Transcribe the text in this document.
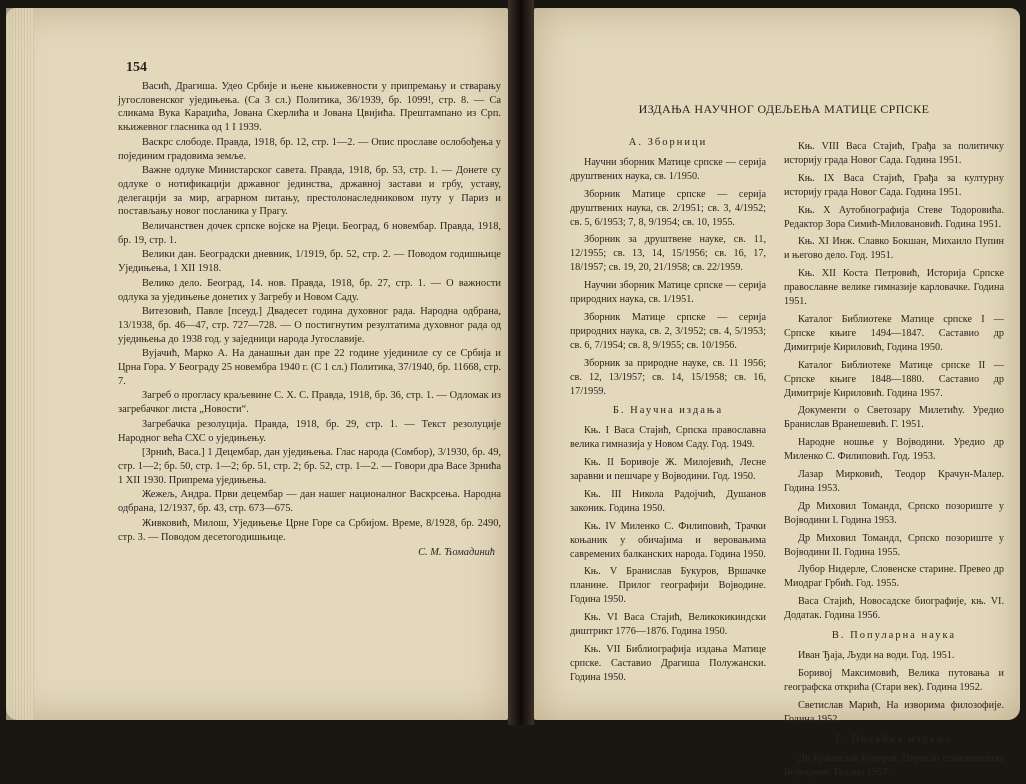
154

Васић, Драгиша. Удео Србије и њене књижевности у припремању и стварању југословенског уједињења. (Са 3 сл.) Политика, 36/1939, бр. 1099!, стр. 8. — Са сликама Вука Караџића, Јована Скерлића и Јована Цвијића. Прештампано из Срп. књижевног гласника од 1 I 1939.

Васкрс слободе. Правда, 1918, бр. 12, стр. 1—2. — Опис прославе ослобођења у појединим градовима земље.

Важне одлуке Министарског савета. Правда, 1918, бр. 53, стр. 1. — Донете су одлуке о нотификацији државног јединства, државној застави и грбу, уставу, делегацији за мир, аграрном питању, престолонаследниковом путу у Париз и постављању новог посланика у Прагу.

Величанствен дочек српске војске на Рјеци. Београд, 6 новембар. Правда, 1918, бр. 19, стр. 1.

Велики дан. Београдски дневник, 1/1919, бр. 52, стр. 2. — Поводом годишњице Уједињења, 1 XII 1918.

Велико дело. Београд, 14. нов. Правда, 1918, бр. 27, стр. 1. — О важности одлука за уједињење донетих у Загребу и Новом Саду.

Витезовић, Павле [псеуд.] Двадесет година духовног рада. Народна одбрана, 13/1938, бр. 46—47, стр. 727—728. — О постигнутим резултатима духовног рада од уједињења до 1938 год. у заједници народа Југославије.

Вујачић, Марко А. На данашњи дан пре 22 године ујединиле су се Србија и Црна Гора. У Београду 25 новембра 1940 г. (С 1 сл.) Политика, 37/1940, бр. 11668, стр. 7.

Загреб о прогласу краљевине С. Х. С. Правда, 1918, бр. 36, стр. 1. — Одломак из загребачког листа „Новости“.

Загребачка резолуција. Правда, 1918, бр. 29, стр. 1. — Текст резолуције Народног већа СХС о уједињењу.

[Зрнић, Васа.] 1 Децембар, дан уједињења. Глас народа (Сомбор), 3/1930, бр. 49, стр. 1—2; бр. 50, стр. 1—2; бр. 51, стр. 2; бр. 52, стр. 1—2. — Говори дра Васе Зрнића 1 XII 1930. Припрема уједињења.

Жежељ, Андра. Први децембар — дан нашег националног Васкрсења. Народна одбрана, 12/1937, бр. 43, стр. 673—675.

Живковић, Милош, Уједињење Црне Горе са Србијом. Време, 8/1928, бр. 2490, стр. 3. — Поводом десетогодишњице.

С. М. Ћомадинић
ИЗДАЊА НАУЧНОГ ОДЕЉЕЊА МАТИЦЕ СРПСКЕ
А. Зборници

Научни зборник Матице српске — серија друштвених наука, св. 1/1950.

Зборник Матице српске — серија друштвених наука, св. 2/1951; св. 3, 4/1952; св. 5, 6/1953; 7, 8, 9/1954; св. 10, 1955.

Зборник за друштвене науке, св. 11, 12/1955; св. 13, 14, 15/1956; св. 16, 17, 18/1957; св. 19, 20, 21/1958; св. 22/1959.

Научни зборник Матице српске — серија природних наука, св. 1/1951.

Зборник Матице српске — серија природних наука, св. 2, 3/1952; св. 4, 5/1953; св. 6, 7/1954; св. 8, 9/1955; св. 10/1956.

Зборник за природне науке, св. 11 1956; св. 12, 13/1957; св. 14, 15/1958; св. 16, 17/1959.

Б. Научна издања

Књ. I Васа Стајић, Српска православна велика гимназија у Новом Саду. Год. 1949.

Књ. II Боривоје Ж. Милојевић, Лесне заравни и пешчаре у Војводини. Год. 1950.

Књ. III Никола Радојчић, Душанов законик. Година 1950.

Књ. IV Миленко С. Филиповић, Трачки коњаник у обичајима и веровањима савремених балканских народа. Година 1950.

Књ. V Бранислав Букуров, Вршачке планине. Прилог географији Војводине. Година 1950.

Књ. VI Васа Стајић, Великокикиндски диштрикт 1776—1876. Година 1950.

Књ. VII Библиографија издања Матице српске. Саставио Драгиша Полужански. Година 1950.

Књ. VIII Васа Стајић, Грађа за политичку историју града Новог Сада. Година 1951.

Књ. IX Васа Стајић, Грађа за културну историју града Новог Сада. Година 1951.

Књ. X Аутобиографија Стеве Тодоровића. Редактор Зора Симић-Миловановић. Година 1951.

Књ. XI Инж. Славко Бокшан, Михаило Пупин и његово дело. Год. 1951.

Књ. XII Коста Петровић, Историја Српске православне велике гимназије карловачке. Година 1951.

Каталог Библиотеке Матице српске I — Српске књиге 1494—1847. Саставио др Димитрије Кириловић, Година 1950.

Каталог Библиотеке Матице српске II — Српске књиге 1848—1880. Саставио др Димитрије Кириловић. Година 1957.

Документи о Светозару Милетићу. Уредио Бранислав Вранешевић. Г. 1951.

Народне ношње у Војводини. Уредио др Миленко С. Филиповић. Год. 1953.

Лазар Мирковић, Теодор Крачун-Малер. Година 1953.

Др Миховил Томандл, Српско позориште у Војводини I. Година 1953.

Др Миховил Томандл, Српско позориште у Војводини II. Година 1955.

Лубор Нидерле, Словенске старине. Превео др Миодраг Грбић. Год. 1955.

Васа Стајић, Новосадске биографије, књ. VI. Додатак. Година 1956.

В. Популарна наука

Иван Ђаја, Људи на води. Год. 1951.

Боривој Максимовић, Велика путовања и географска открића (Стари век). Година 1952.

Светислав Марић, На изворима филозофије. Година 1952.

Г. Посебна издања

Др Бранислав Букуров, Порекло становништва Војводине. Година 1957.
